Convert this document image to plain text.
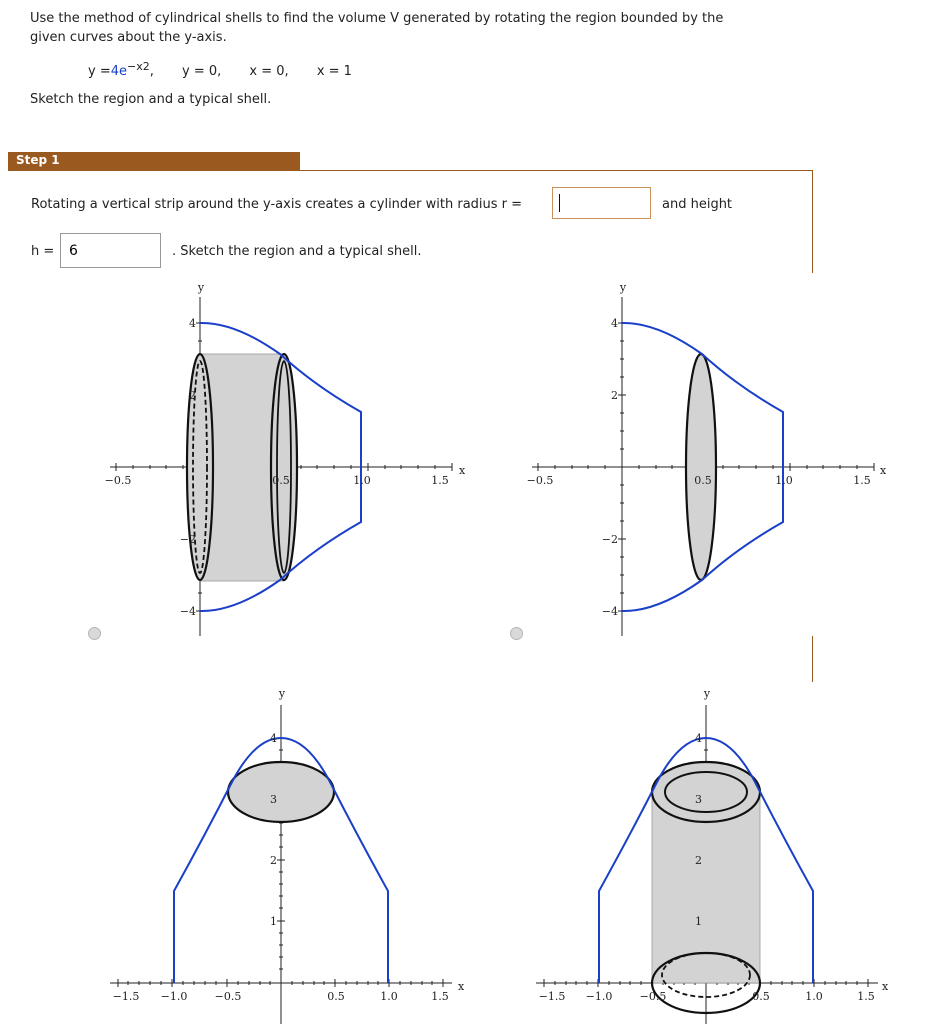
Use the method of cylindrical shells to find the volume V generated by rotating the region bounded by the
given curves about the y-axis.
$y =4e^{-x2}$, y = 0, x = 0, x = 1
Sketch the region and a typical shell.
Step 1
Rotating a vertical strip around the y-axis creates a cylinder with radius r =	and height
h =
6	. Sketch the region and a typical shell.
−0.5	0.5	1.0	1.5
x
y
4
2
−2
−4
−0.5	0.5	1.0	1.5
x
y
4
2
−2
−4
−1.5 −1.0 −0.5	0.5	1.0	1.5
x
y
4
3
2
1
−1.5 −1.0 −0.5	0.5	1.0	1.5
x
y
4
3
2
1
